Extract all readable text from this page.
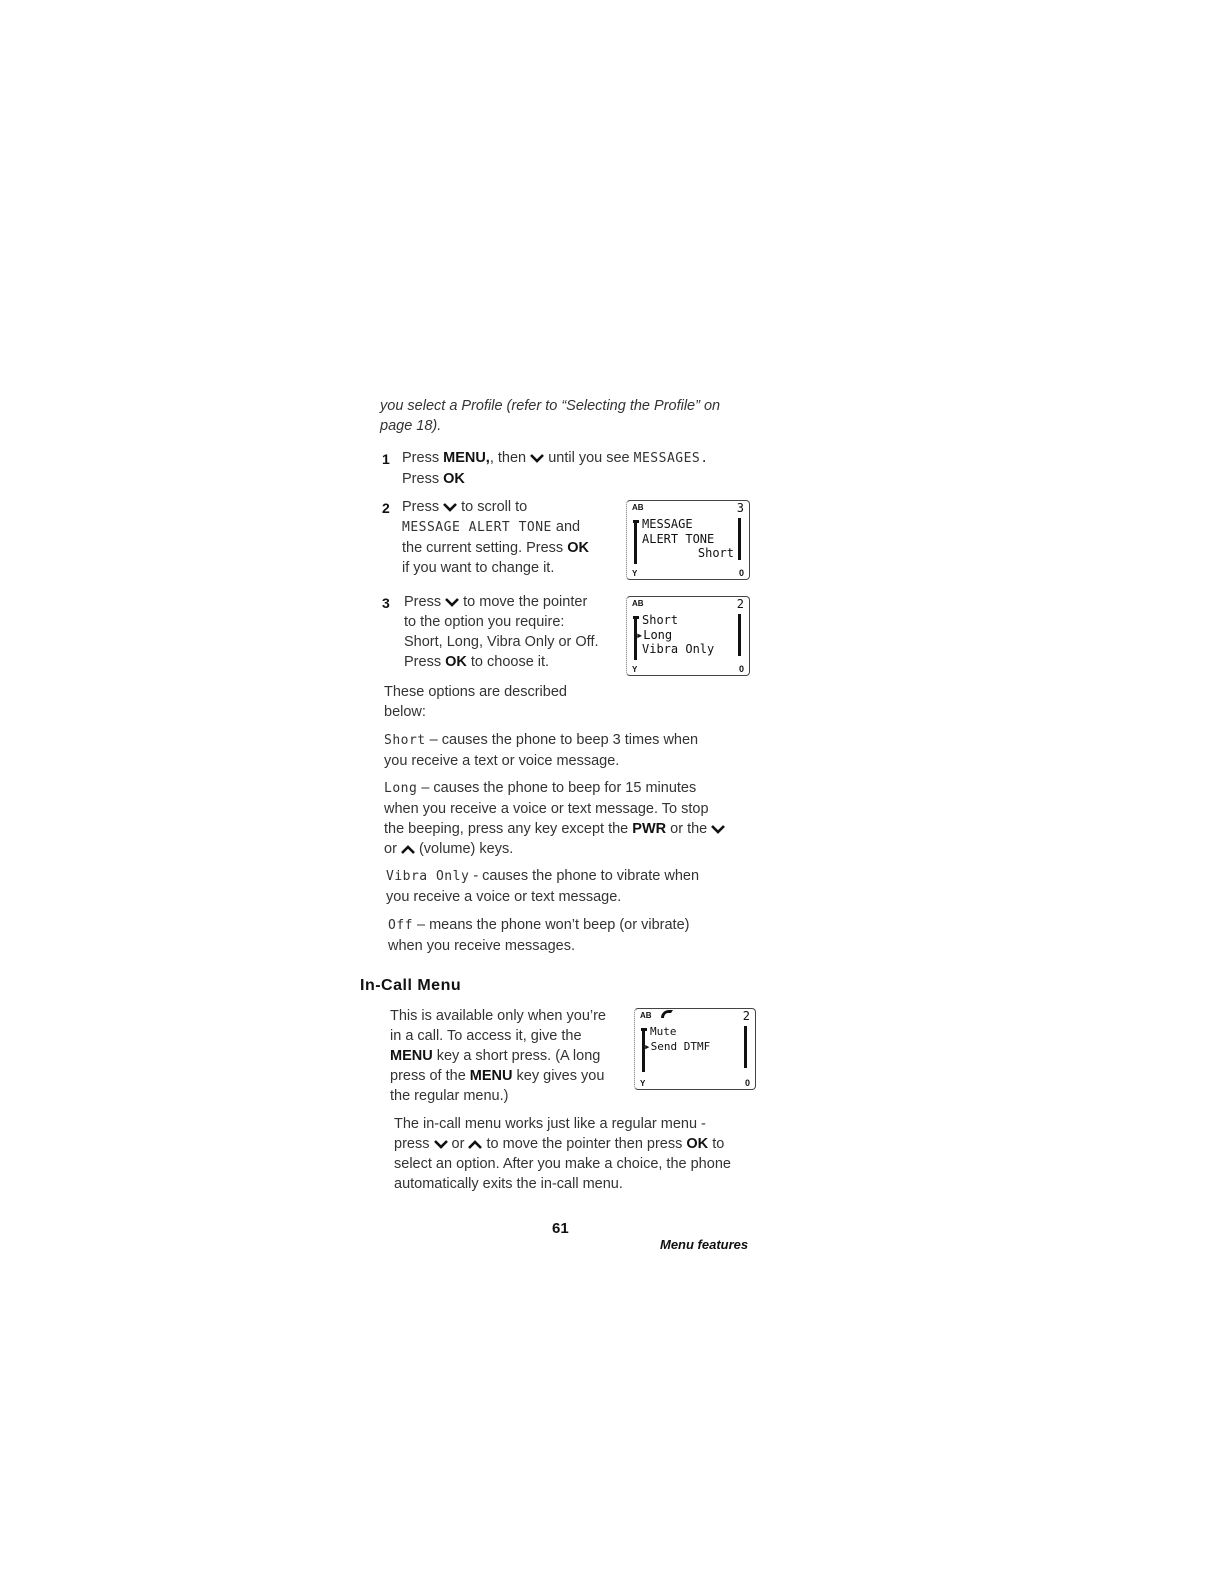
you select a Profile (refer to “Selecting the Profile” on
page 18).
1 Press MENU,, then until you see MESSAGES.
Press OK
2 Press to scroll to
MESSAGE ALERT TONE and
the current setting. Press OK
if you want to change it.
AB	3
MESSAGE
ALERT TONE
Short
Y	0
3 Press to move the pointer
to the option you require:
Short, Long, Vibra Only or Off.
Press OK to choose it.
AB	2
Short
▸Long
Vibra Only
Y	0
These options are described
below:
Short – causes the phone to beep 3 times when
you receive a text or voice message.
Long – causes the phone to beep for 15 minutes
when you receive a voice or text message. To stop
the beeping, press any key except the PWR or the
or (volume) keys.
Vibra Only - causes the phone to vibrate when
you receive a voice or text message.
Off – means the phone won’t beep (or vibrate)
when you receive messages.
In-Call Menu
This is available only when you’re
in a call. To access it, give the
MENU key a short press. (A long
press of the MENU key gives you
the regular menu.)
AB	2
Mute
▸Send DTMF
Y	0
The in-call menu works just like a regular menu -
press or to move the pointer then press OK to
select an option. After you make a choice, the phone
automatically exits the in-call menu.
61
Menu features
